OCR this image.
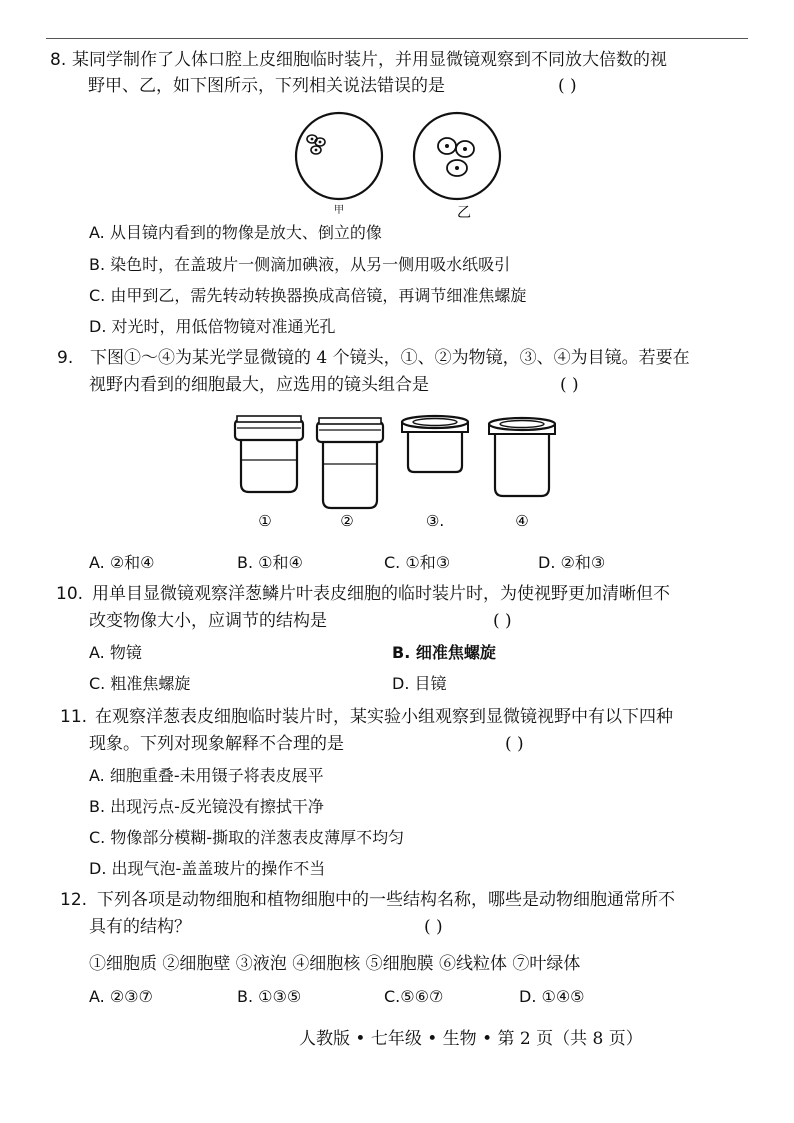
8. 某同学制作了人体口腔上皮细胞临时装片，并用显微镜观察到不同放大倍数的视
野甲、乙，如下图所示，下列相关说法错误的是	( )
甲	乙
A. 从目镜内看到的物像是放大、倒立的像
B. 染色时，在盖玻片一侧滴加碘液，从另一侧用吸水纸吸引
C. 由甲到乙，需先转动转换器换成高倍镜，再调节细准焦螺旋
D. 对光时，用低倍物镜对准通光孔
9. 下图①～④为某光学显微镜的 4 个镜头，①、②为物镜，③、④为目镜。若要在
视野内看到的细胞最大，应选用的镜头组合是	( )
①	②	③.	④
A. ②和④	B. ①和④	C. ①和③	D. ②和③
10. 用单目显微镜观察洋葱鳞片叶表皮细胞的临时装片时，为使视野更加清晰但不
改变物像大小，应调节的结构是	( )
A. 物镜	B. 细准焦螺旋
C. 粗准焦螺旋	D. 目镜
11. 在观察洋葱表皮细胞临时装片时，某实验小组观察到显微镜视野中有以下四种
现象。下列对现象解释不合理的是	( )
A. 细胞重叠-未用镊子将表皮展平
B. 出现污点-反光镜没有擦拭干净
C. 物像部分模糊-撕取的洋葱表皮薄厚不均匀
D. 出现气泡-盖盖玻片的操作不当
12. 下列各项是动物细胞和植物细胞中的一些结构名称，哪些是动物细胞通常所不
具有的结构？	( )
①细胞质 ②细胞壁 ③液泡 ④细胞核 ⑤细胞膜 ⑥线粒体 ⑦叶绿体
A. ②③⑦	B. ①③⑤	C.⑤⑥⑦	D. ①④⑤
人教版 • 七年级 • 生物 • 第 2 页（共 8 页）
